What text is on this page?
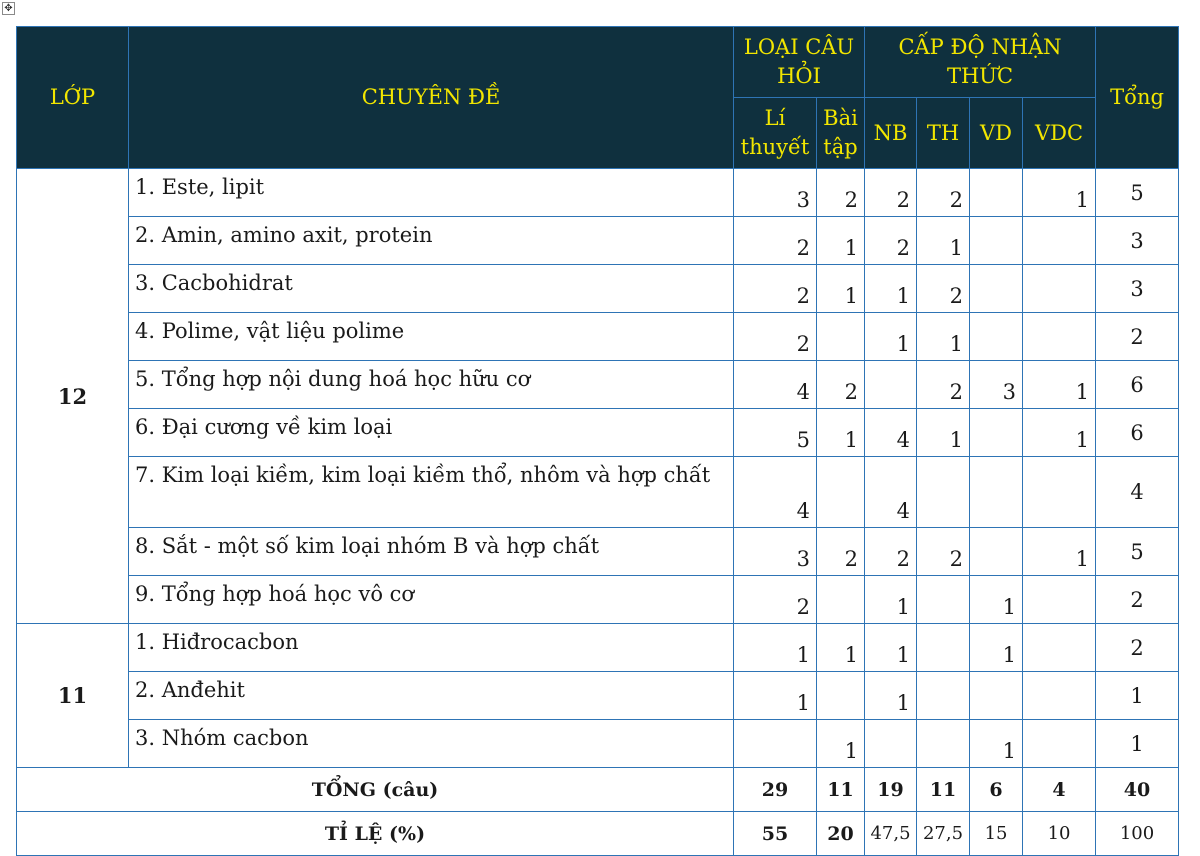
✥
LỚP	CHUYÊN ĐỀ	LOẠI CÂU HỎI		CẤP ĐỘ NHẬN THỨC				Tổng
		Lí thuyết	Bài tập	NB	TH	VD	VDC	
12	1. Este, lipit	3	2	2	2		1	5
	2. Amin, amino axit, protein	2	1	2	1			3
	3. Cacbohidrat	2	1	1	2			3
	4. Polime, vật liệu polime	2		1	1			2
	5. Tổng hợp nội dung hoá học hữu cơ	4	2		2	3	1	6
	6. Đại cương về kim loại	5	1	4	1		1	6
	7. Kim loại kiềm, kim loại kiềm thổ, nhôm và hợp chất	4		4				4
	8. Sắt - một số kim loại nhóm B và hợp chất	3	2	2	2		1	5
	9. Tổng hợp hoá học vô cơ	2		1		1		2
11	1. Hiđrocacbon	1	1	1		1		2
	2. Anđehit	1		1				1
	3. Nhóm cacbon		1			1		1
TỔNG (câu)		29	11	19	11	6	4	40
TỈ LỆ (%)		55	20	47,5	27,5	15	10	100
